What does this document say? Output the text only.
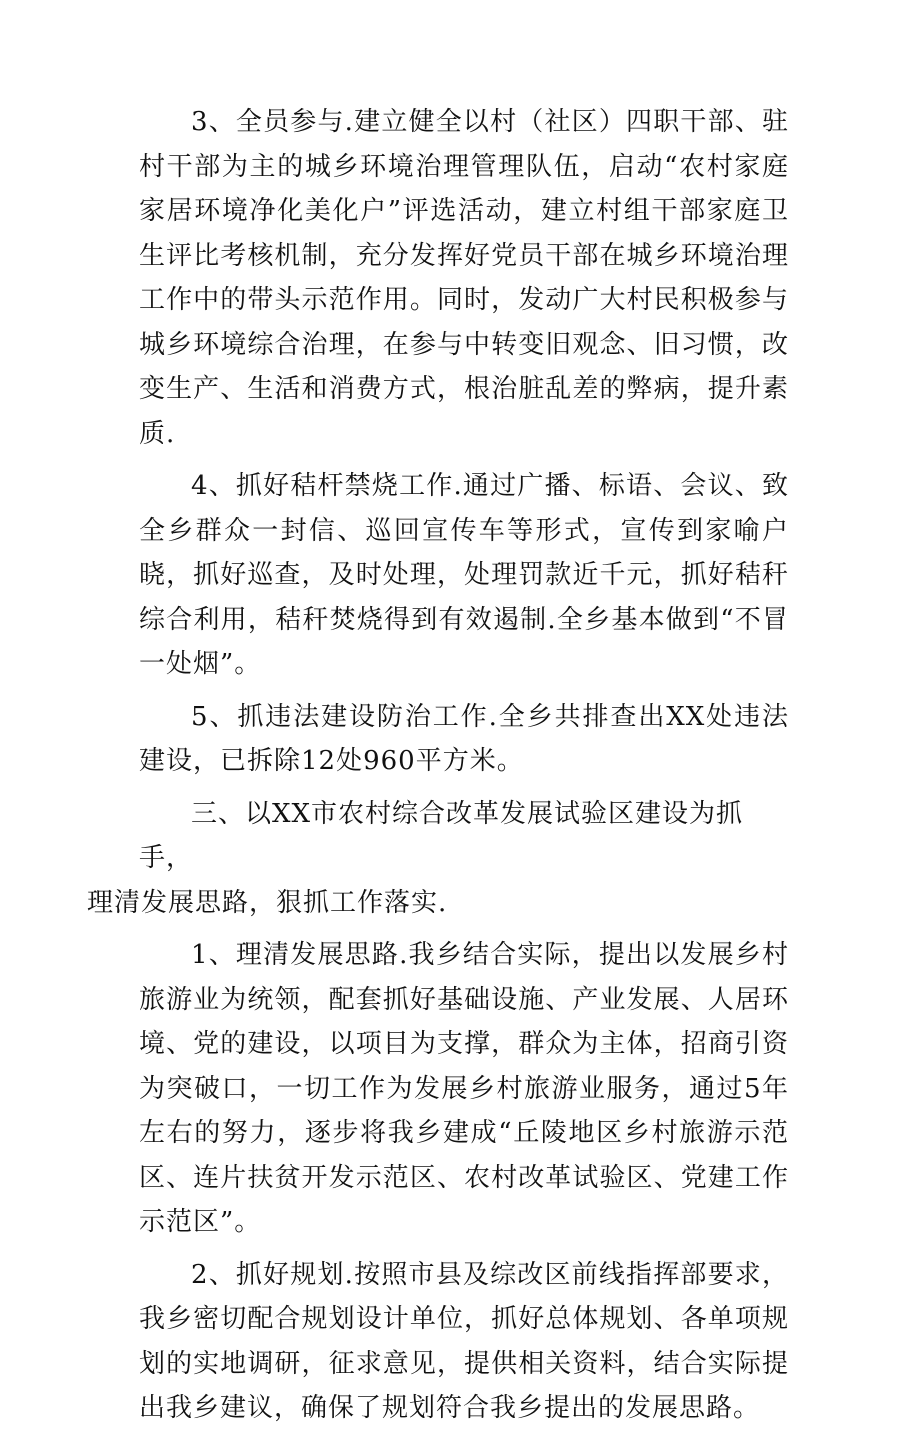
3、全员参与.建立健全以村（社区）四职干部、驻村干部为主的城乡环境治理管理队伍，启动“农村家庭家居环境净化美化户”评选活动，建立村组干部家庭卫生评比考核机制，充分发挥好党员干部在城乡环境治理工作中的带头示范作用。同时，发动广大村民积极参与城乡环境综合治理，在参与中转变旧观念、旧习惯，改变生产、生活和消费方式，根治脏乱差的弊病，提升素质.

4、抓好秸杆禁烧工作.通过广播、标语、会议、致全乡群众一封信、巡回宣传车等形式，宣传到家喻户晓，抓好巡查，及时处理，处理罚款近千元，抓好秸秆综合利用，秸秆焚烧得到有效遏制.全乡基本做到“不冒一处烟”。

5、抓违法建设防治工作.全乡共排查出XX处违法建设，已拆除12处960平方米。

三、以XX市农村综合改革发展试验区建设为抓手，
理清发展思路，狠抓工作落实.

1、理清发展思路.我乡结合实际，提出以发展乡村旅游业为统领，配套抓好基础设施、产业发展、人居环境、党的建设，以项目为支撑，群众为主体，招商引资为突破口，一切工作为发展乡村旅游业服务，通过5年左右的努力，逐步将我乡建成“丘陵地区乡村旅游示范区、连片扶贫开发示范区、农村改革试验区、党建工作示范区”。

2、抓好规划.按照市县及综改区前线指挥部要求，我乡密切配合规划设计单位，抓好总体规划、各单项规划的实地调研，征求意见，提供相关资料，结合实际提出我乡建议，确保了规划符合我乡提出的发展思路。
